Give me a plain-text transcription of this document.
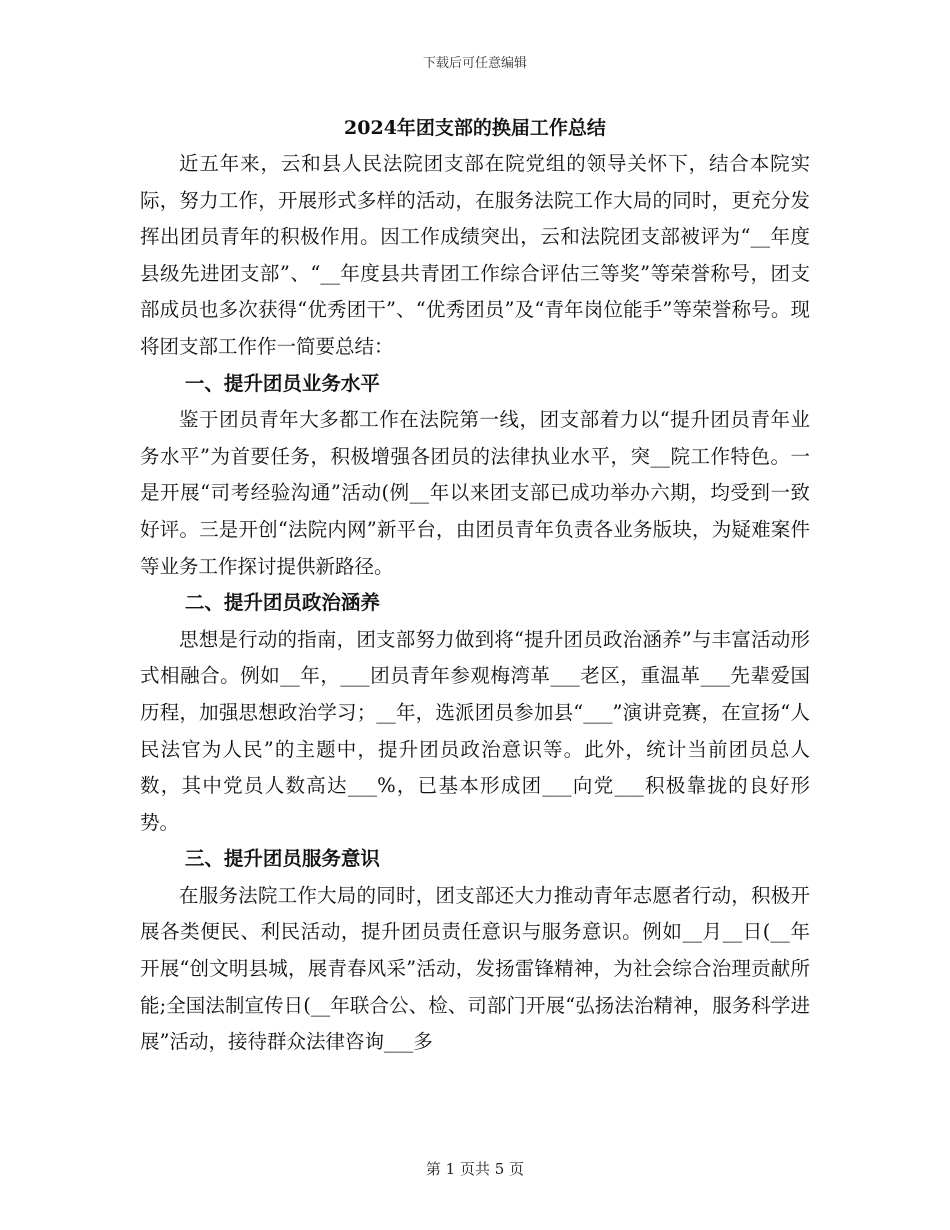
下载后可任意编辑
2024年团支部的换届工作总结

近五年来，云和县人民法院团支部在院党组的领导关怀下，结合本院实际，努力工作，开展形式多样的活动，在服务法院工作大局的同时，更充分发挥出团员青年的积极作用。因工作成绩突出，云和法院团支部被评为“__年度县级先进团支部”、“__年度县共青团工作综合评估三等奖”等荣誉称号，团支部成员也多次获得“优秀团干”、“优秀团员”及“青年岗位能手”等荣誉称号。现将团支部工作作一简要总结：

一、提升团员业务水平

鉴于团员青年大多都工作在法院第一线，团支部着力以“提升团员青年业务水平”为首要任务，积极增强各团员的法律执业水平，突__院工作特色。一是开展“司考经验沟通”活动(例__年以来团支部已成功举办六期，均受到一致好评。三是开创“法院内网”新平台，由团员青年负责各业务版块，为疑难案件等业务工作探讨提供新路径。

二、提升团员政治涵养

思想是行动的指南，团支部努力做到将“提升团员政治涵养”与丰富活动形式相融合。例如__年，___团员青年参观梅湾革___老区，重温革___先辈爱国历程，加强思想政治学习；__年，选派团员参加县“___”演讲竞赛，在宣扬“人民法官为人民”的主题中，提升团员政治意识等。此外，统计当前团员总人数，其中党员人数高达___%，已基本形成团___向党___积极靠拢的良好形势。

三、提升团员服务意识

在服务法院工作大局的同时，团支部还大力推动青年志愿者行动，积极开展各类便民、利民活动，提升团员责任意识与服务意识。例如__月__日(__年开展“创文明县城，展青春风采”活动，发扬雷锋精神，为社会综合治理贡献所能;全国法制宣传日(__年联合公、检、司部门开展“弘扬法治精神，服务科学进展”活动，接待群众法律咨询___多

第 1 页共 5 页
